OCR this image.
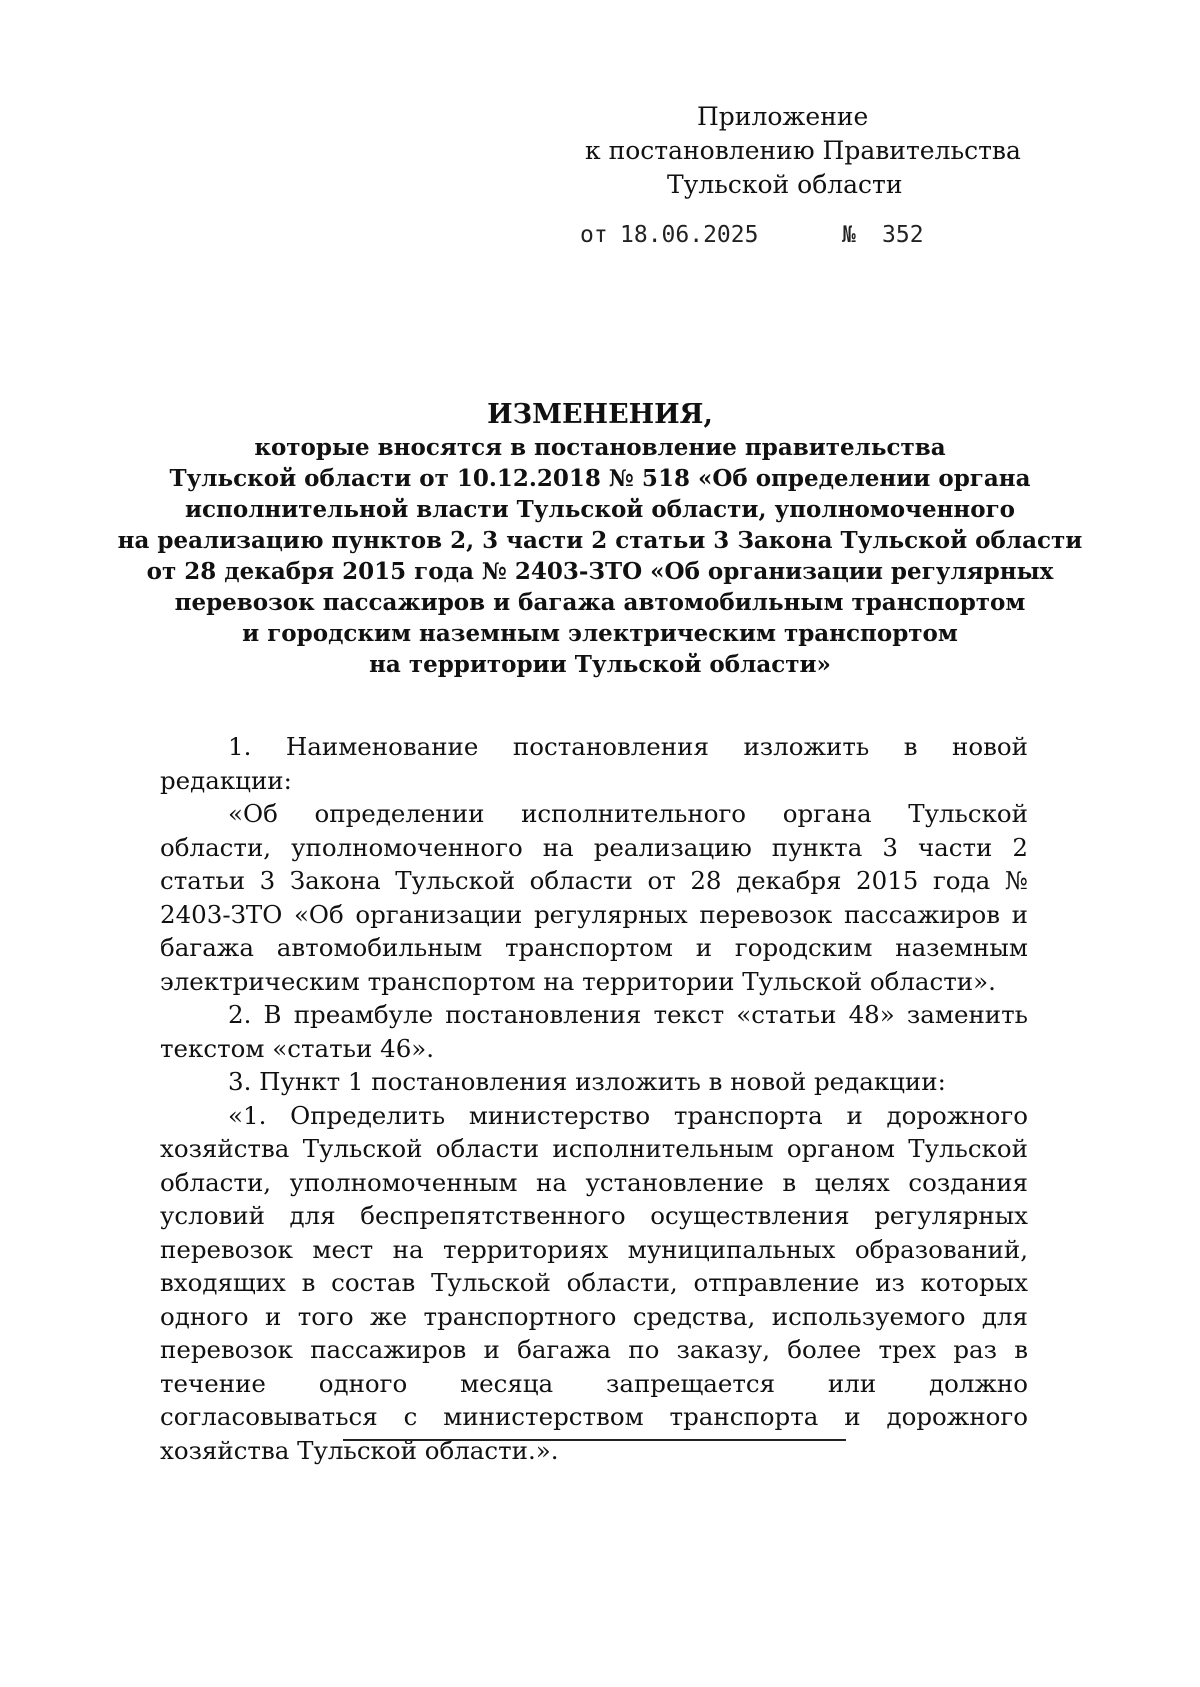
Приложение
к постановлению Правительства
Тульской области
от 18.06.2025	№ 352
ИЗМЕНЕНИЯ,
которые вносятся в постановление правительства
Тульской области от 10.12.2018 № 518 «Об определении органа
исполнительной власти Тульской области, уполномоченного
на реализацию пунктов 2, 3 части 2 статьи 3 Закона Тульской области
от 28 декабря 2015 года № 2403-ЗТО «Об организации регулярных
перевозок пассажиров и багажа автомобильным транспортом
и городским наземным электрическим транспортом
на территории Тульской области»

1. Наименование постановления изложить в новой редакции:

«Об определении исполнительного органа Тульской области, уполномоченного на реализацию пункта 3 части 2 статьи 3 Закона Тульской области от 28 декабря 2015 года № 2403-ЗТО «Об организации регулярных перевозок пассажиров и багажа автомобильным транспортом и городским наземным электрическим транспортом на территории Тульской области».

2. В преамбуле постановления текст «статьи 48» заменить текстом «статьи 46».

3. Пункт 1 постановления изложить в новой редакции:

«1. Определить министерство транспорта и дорожного хозяйства Тульской области исполнительным органом Тульской области, уполномоченным на установление в целях создания условий для беспрепятственного осуществления регулярных перевозок мест на территориях муниципальных образований, входящих в состав Тульской области, отправление из которых одного и того же транспортного средства, используемого для перевозок пассажиров и багажа по заказу, более трех раз в течение одного месяца запрещается или должно согласовываться с министерством транспорта и дорожного хозяйства Тульской области.».
